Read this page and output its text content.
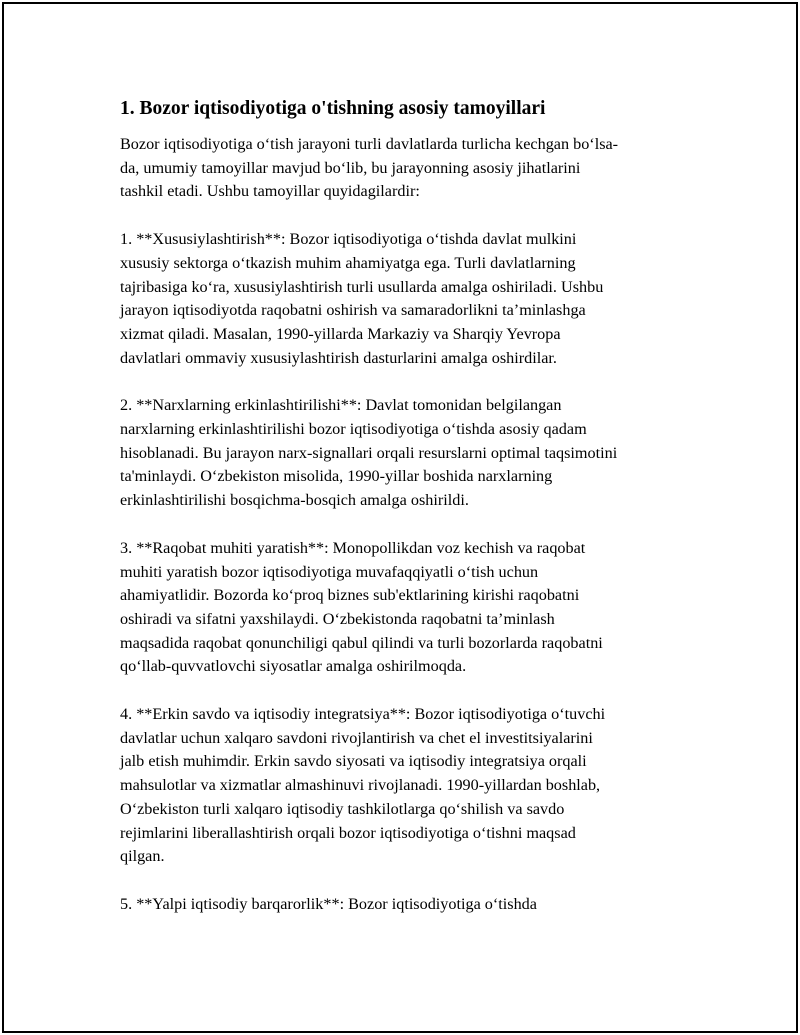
1. Bozor iqtisodiyotiga o'tishning asosiy tamoyillari
Bozor iqtisodiyotiga o‘tish jarayoni turli davlatlarda turlicha kechgan bo‘lsa-
da, umumiy tamoyillar mavjud bo‘lib, bu jarayonning asosiy jihatlarini
tashkil etadi. Ushbu tamoyillar quyidagilardir:
1. **Xususiylashtirish**: Bozor iqtisodiyotiga o‘tishda davlat mulkini
xususiy sektorga o‘tkazish muhim ahamiyatga ega. Turli davlatlarning
tajribasiga ko‘ra, xususiylashtirish turli usullarda amalga oshiriladi. Ushbu
jarayon iqtisodiyotda raqobatni oshirish va samaradorlikni ta’minlashga
xizmat qiladi. Masalan, 1990-yillarda Markaziy va Sharqiy Yevropa
davlatlari ommaviy xususiylashtirish dasturlarini amalga oshirdilar.
2. **Narxlarning erkinlashtirilishi**: Davlat tomonidan belgilangan
narxlarning erkinlashtirilishi bozor iqtisodiyotiga o‘tishda asosiy qadam
hisoblanadi. Bu jarayon narx-signallari orqali resurslarni optimal taqsimotini
ta'minlaydi. O‘zbekiston misolida, 1990-yillar boshida narxlarning
erkinlashtirilishi bosqichma-bosqich amalga oshirildi.
3. **Raqobat muhiti yaratish**: Monopollikdan voz kechish va raqobat
muhiti yaratish bozor iqtisodiyotiga muvafaqqiyatli o‘tish uchun
ahamiyatlidir. Bozorda ko‘proq biznes sub'ektlarining kirishi raqobatni
oshiradi va sifatni yaxshilaydi. O‘zbekistonda raqobatni ta’minlash
maqsadida raqobat qonunchiligi qabul qilindi va turli bozorlarda raqobatni
qo‘llab-quvvatlovchi siyosatlar amalga oshirilmoqda.
4. **Erkin savdo va iqtisodiy integratsiya**: Bozor iqtisodiyotiga o‘tuvchi
davlatlar uchun xalqaro savdoni rivojlantirish va chet el investitsiyalarini
jalb etish muhimdir. Erkin savdo siyosati va iqtisodiy integratsiya orqali
mahsulotlar va xizmatlar almashinuvi rivojlanadi. 1990-yillardan boshlab,
O‘zbekiston turli xalqaro iqtisodiy tashkilotlarga qo‘shilish va savdo
rejimlarini liberallashtirish orqali bozor iqtisodiyotiga o‘tishni maqsad
qilgan.
5. **Yalpi iqtisodiy barqarorlik**: Bozor iqtisodiyotiga o‘tishda
